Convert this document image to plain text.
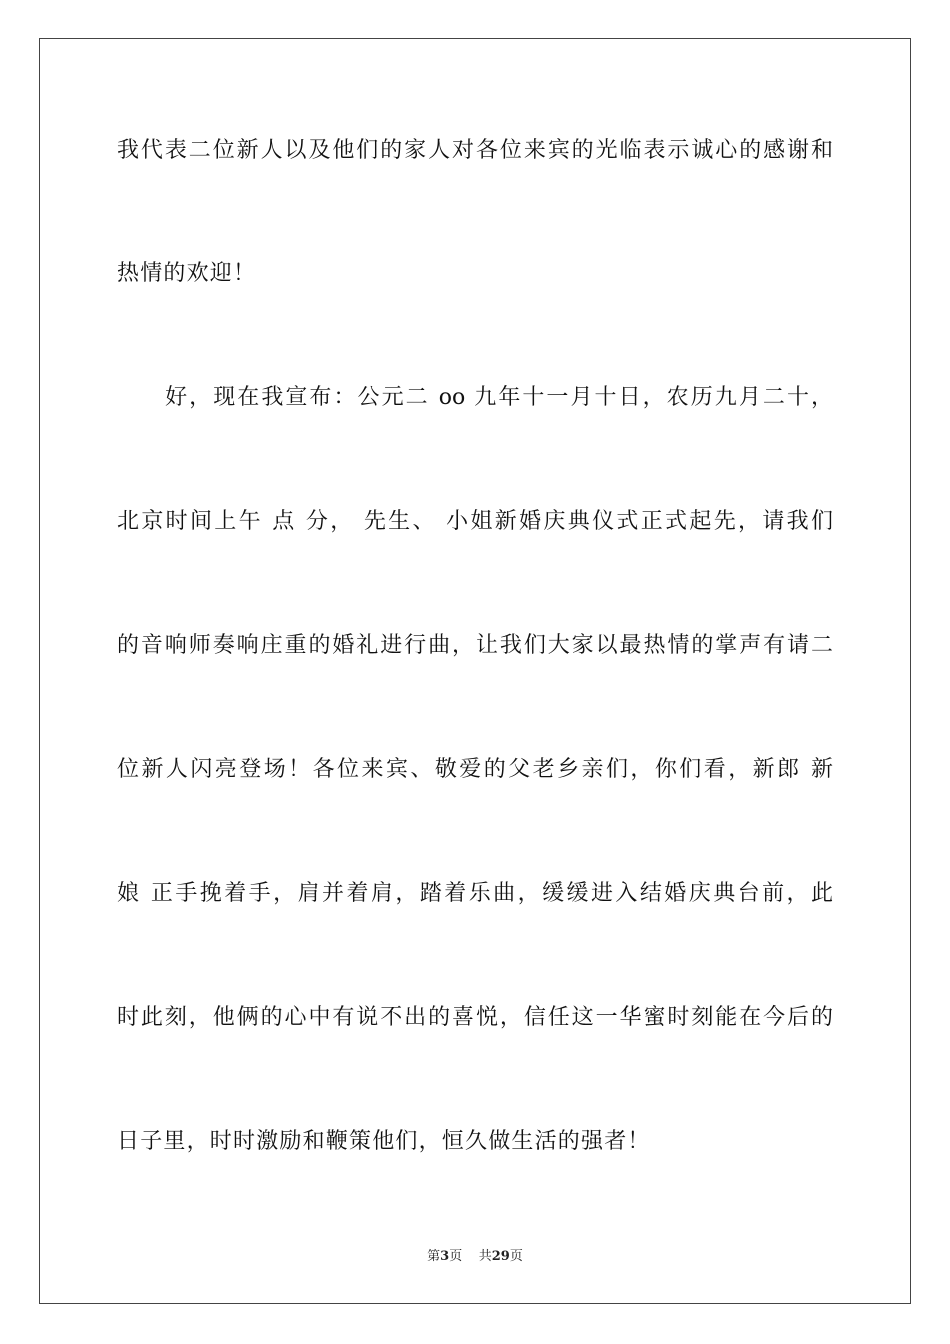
我代表二位新人以及他们的家人对各位来宾的光临表示诚心的感谢和
热情的欢迎！
　　好，现在我宣布：公元二 oo 九年十一月十日，农历九月二十，
北京时间上午 点 分， 先生、 小姐新婚庆典仪式正式起先，请我们
的音响师奏响庄重的婚礼进行曲，让我们大家以最热情的掌声有请二
位新人闪亮登场！各位来宾、敬爱的父老乡亲们，你们看，新郎 新
娘 正手挽着手，肩并着肩，踏着乐曲，缓缓进入结婚庆典台前，此
时此刻，他俩的心中有说不出的喜悦，信任这一华蜜时刻能在今后的
日子里，时时激励和鞭策他们，恒久做生活的强者！
第3页 共29页
